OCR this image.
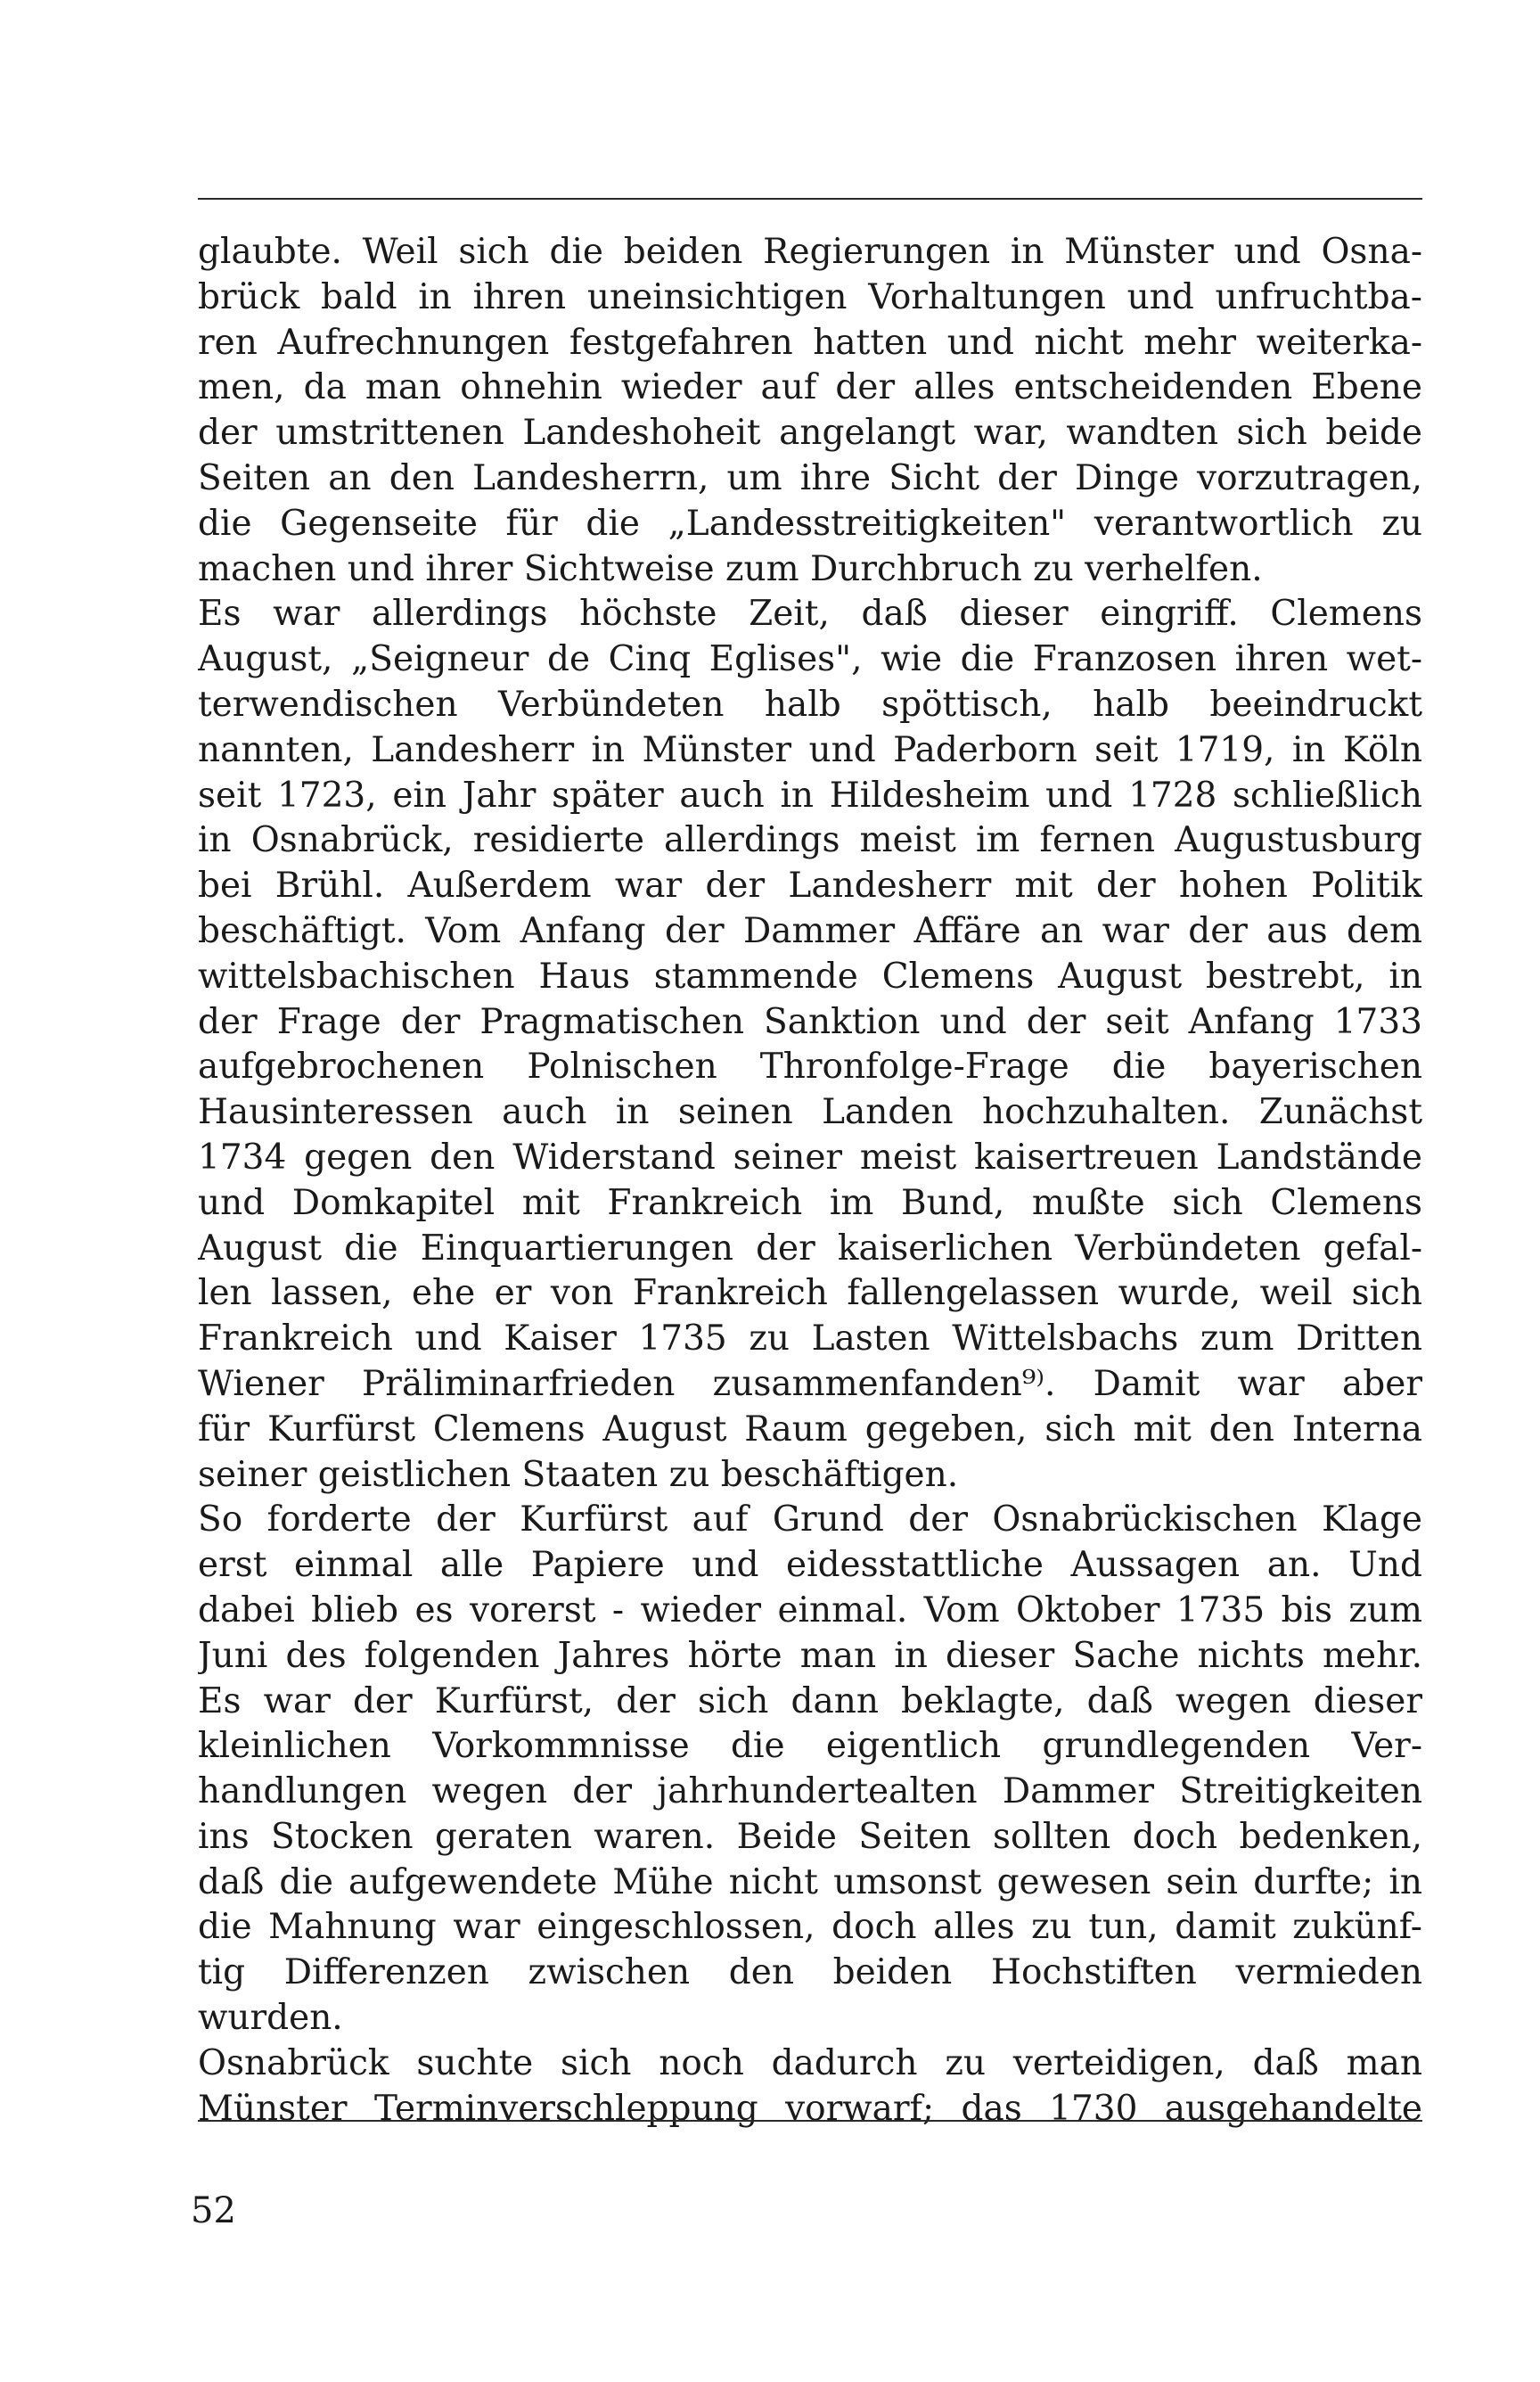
glaubte. Weil sich die beiden Regierungen in Münster und Osna-
brück bald in ihren uneinsichtigen Vorhaltungen und unfruchtba-
ren Aufrechnungen festgefahren hatten und nicht mehr weiterka-
men, da man ohnehin wieder auf der alles entscheidenden Ebene
der umstrittenen Landeshoheit angelangt war, wandten sich beide
Seiten an den Landesherrn, um ihre Sicht der Dinge vorzutragen,
die Gegenseite für die „Landesstreitigkeiten" verantwortlich zu
machen und ihrer Sichtweise zum Durchbruch zu verhelfen.
Es war allerdings höchste Zeit, daß dieser eingriff. Clemens
August, „Seigneur de Cinq Eglises", wie die Franzosen ihren wet-
terwendischen Verbündeten halb spöttisch, halb beeindruckt
nannten, Landesherr in Münster und Paderborn seit 1719, in Köln
seit 1723, ein Jahr später auch in Hildesheim und 1728 schließlich
in Osnabrück, residierte allerdings meist im fernen Augustusburg
bei Brühl. Außerdem war der Landesherr mit der hohen Politik
beschäftigt. Vom Anfang der Dammer Affäre an war der aus dem
wittelsbachischen Haus stammende Clemens August bestrebt, in
der Frage der Pragmatischen Sanktion und der seit Anfang 1733
aufgebrochenen Polnischen Thronfolge-Frage die bayerischen
Hausinteressen auch in seinen Landen hochzuhalten. Zunächst
1734 gegen den Widerstand seiner meist kaisertreuen Landstände
und Domkapitel mit Frankreich im Bund, mußte sich Clemens
August die Einquartierungen der kaiserlichen Verbündeten gefal-
len lassen, ehe er von Frankreich fallengelassen wurde, weil sich
Frankreich und Kaiser 1735 zu Lasten Wittelsbachs zum Dritten
Wiener Präliminarfrieden zusammenfanden⁹⁾. Damit war aber
für Kurfürst Clemens August Raum gegeben, sich mit den Interna
seiner geistlichen Staaten zu beschäftigen.
So forderte der Kurfürst auf Grund der Osnabrückischen Klage
erst einmal alle Papiere und eidesstattliche Aussagen an. Und
dabei blieb es vorerst - wieder einmal. Vom Oktober 1735 bis zum
Juni des folgenden Jahres hörte man in dieser Sache nichts mehr.
Es war der Kurfürst, der sich dann beklagte, daß wegen dieser
kleinlichen Vorkommnisse die eigentlich grundlegenden Ver-
handlungen wegen der jahrhundertealten Dammer Streitigkeiten
ins Stocken geraten waren. Beide Seiten sollten doch bedenken,
daß die aufgewendete Mühe nicht umsonst gewesen sein durfte; in
die Mahnung war eingeschlossen, doch alles zu tun, damit zukünf-
tig Differenzen zwischen den beiden Hochstiften vermieden
wurden.
Osnabrück suchte sich noch dadurch zu verteidigen, daß man
Münster Terminverschleppung vorwarf; das 1730 ausgehandelte
52
